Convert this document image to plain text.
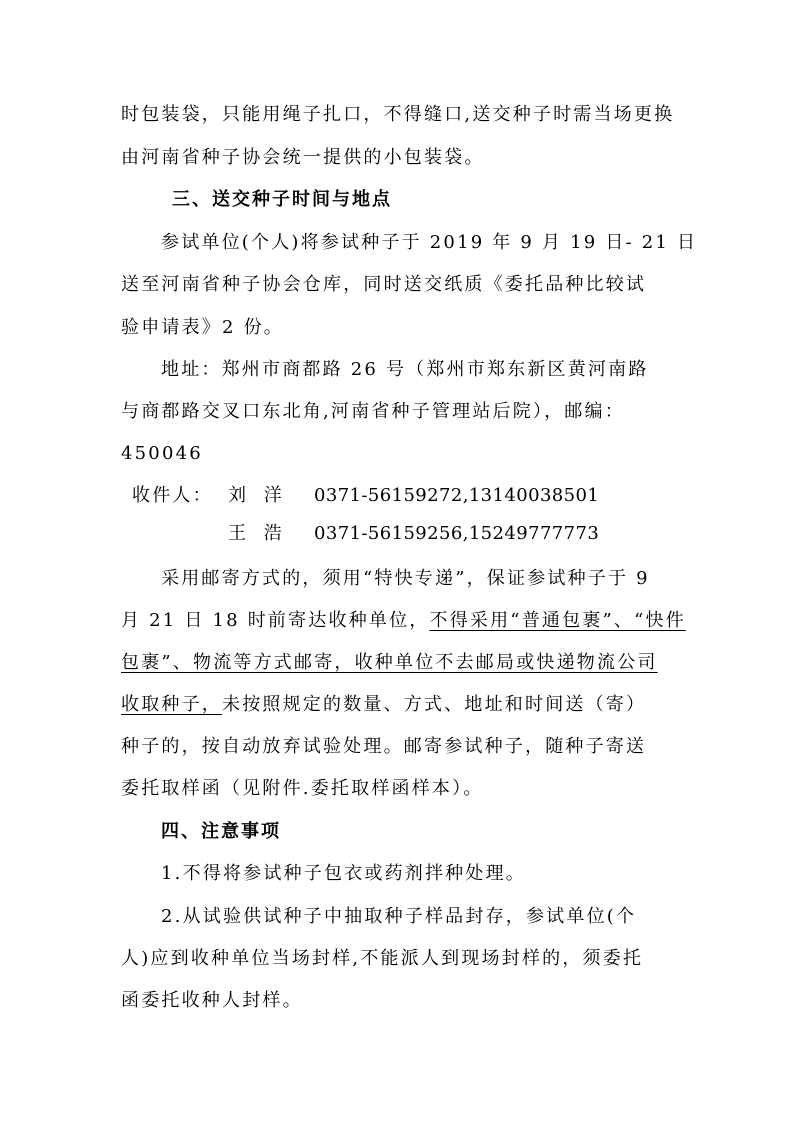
时包装袋，只能用绳子扎口，不得缝口,送交种子时需当场更换
由河南省种子协会统一提供的小包装袋。
三、送交种子时间与地点
参试单位(个人)将参试种子于 2019 年 9 月 19 日- 21 日
送至河南省种子协会仓库，同时送交纸质《委托品种比较试
验申请表》2 份。
地址：郑州市商都路 26 号（郑州市郑东新区黄河南路
与商都路交叉口东北角,河南省种子管理站后院），邮编：
450046
收件人： 刘 洋 0371-56159272,13140038501
王 浩 0371-56159256,15249777773
采用邮寄方式的，须用“特快专递”，保证参试种子于 9
月 21 日 18 时前寄达收种单位，不得采用“普通包裹”、“快件
包裹”、物流等方式邮寄，收种单位不去邮局或快递物流公司
收取种子，未按照规定的数量、方式、地址和时间送（寄）
种子的，按自动放弃试验处理。邮寄参试种子，随种子寄送
委托取样函（见附件.委托取样函样本）。
四、注意事项
1.不得将参试种子包衣或药剂拌种处理。
2.从试验供试种子中抽取种子样品封存，参试单位(个
人)应到收种单位当场封样,不能派人到现场封样的，须委托
函委托收种人封样。
